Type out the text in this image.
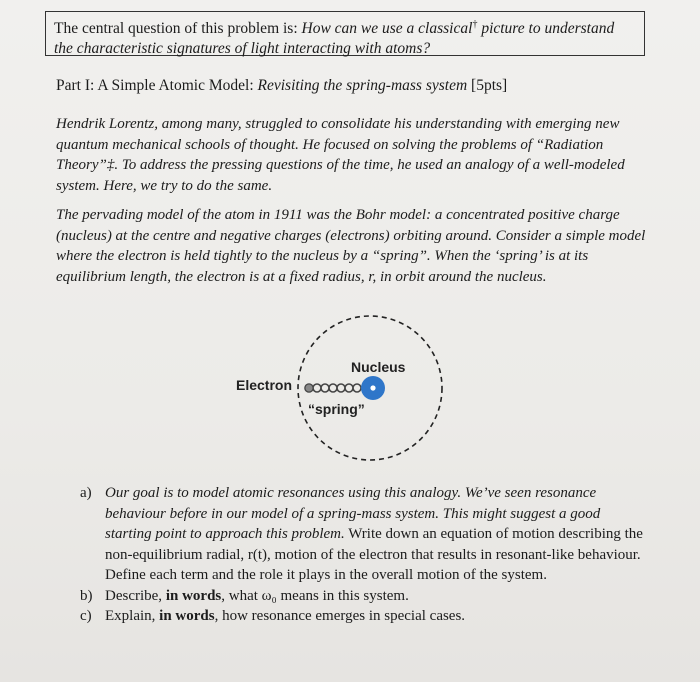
The central question of this problem is: How can we use a classical† picture to understand the characteristic signatures of light interacting with atoms?
Part I: A Simple Atomic Model: Revisiting the spring-mass system [5pts]
Hendrik Lorentz, among many, struggled to consolidate his understanding with emerging new quantum mechanical schools of thought. He focused on solving the problems of “Radiation Theory”‡. To address the pressing questions of the time, he used an analogy of a well-modeled system. Here, we try to do the same.
The pervading model of the atom in 1911 was the Bohr model: a concentrated positive charge (nucleus) at the centre and negative charges (electrons) orbiting around. Consider a simple model where the electron is held tightly to the nucleus by a “spring”. When the ‘spring’ is at its equilibrium length, the electron is at a fixed radius, r, in orbit around the nucleus.
Nucleus
Electron
“spring”
a) Our goal is to model atomic resonances using this analogy. We’ve seen resonance behaviour before in our model of a spring-mass system. This might suggest a good starting point to approach this problem. Write down an equation of motion describing the non-equilibrium radial, r(t), motion of the electron that results in resonant-like behaviour. Define each term and the role it plays in the overall motion of the system.
b) Describe, in words, what ω₀ means in this system.
c) Explain, in words, how resonance emerges in special cases.
